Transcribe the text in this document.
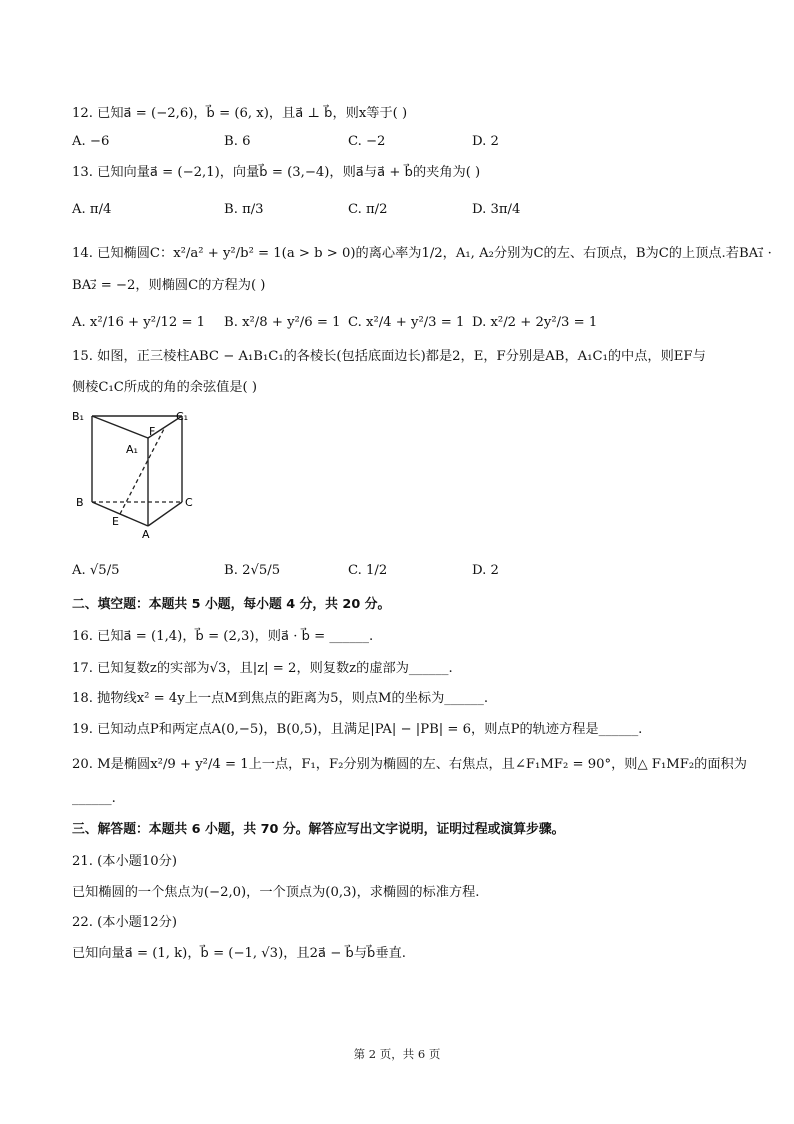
12. 已知a⃗ = (−2,6)，b⃗ = (6, x)，且a⃗ ⊥ b⃗，则x等于( )
A. −6	B. 6	C. −2	D. 2
13. 已知向量a⃗ = (−2,1)，向量b⃗ = (3,−4)，则a⃗与a⃗ + b⃗的夹角为( )
A. π/4	B. π/3	C. π/2	D. 3π/4
14. 已知椭圆C：x²/a² + y²/b² = 1(a > b > 0)的离心率为1/2，A₁, A₂分别为C的左、右顶点，B为C的上顶点.若BA₁⃗ ·
BA₂⃗ = −2，则椭圆C的方程为( )
A. x²/16 + y²/12 = 1 B. x²/8 + y²/6 = 1 C. x²/4 + y²/3 = 1 D. x²/2 + 2y²/3 = 1
15. 如图，正三棱柱ABC − A₁B₁C₁的各棱长(包括底面边长)都是2，E，F分别是AB，A₁C₁的中点，则EF与
侧棱C₁C所成的角的余弦值是( )
B₁	C₁
F
A₁
B	C
E
A
A. √5/5	B. 2√5/5	C. 1/2	D. 2
二、填空题：本题共 5 小题，每小题 4 分，共 20 分。
16. 已知a⃗ = (1,4)，b⃗ = (2,3)，则a⃗ · b⃗ = ______.
17. 已知复数z的实部为√3，且|z| = 2，则复数z的虚部为______.
18. 抛物线x² = 4y上一点M到焦点的距离为5，则点M的坐标为______.
19. 已知动点P和两定点A(0,−5)，B(0,5)，且满足|PA| − |PB| = 6，则点P的轨迹方程是______.
20. M是椭圆x²/9 + y²/4 = 1上一点，F₁，F₂分别为椭圆的左、右焦点，且∠F₁MF₂ = 90°，则△ F₁MF₂的面积为
______.
三、解答题：本题共 6 小题，共 70 分。解答应写出文字说明，证明过程或演算步骤。
21. (本小题10分)
已知椭圆的一个焦点为(−2,0)，一个顶点为(0,3)，求椭圆的标准方程.
22. (本小题12分)
已知向量a⃗ = (1, k)，b⃗ = (−1, √3)，且2a⃗ − b⃗与b⃗垂直.
第 2 页，共 6 页
